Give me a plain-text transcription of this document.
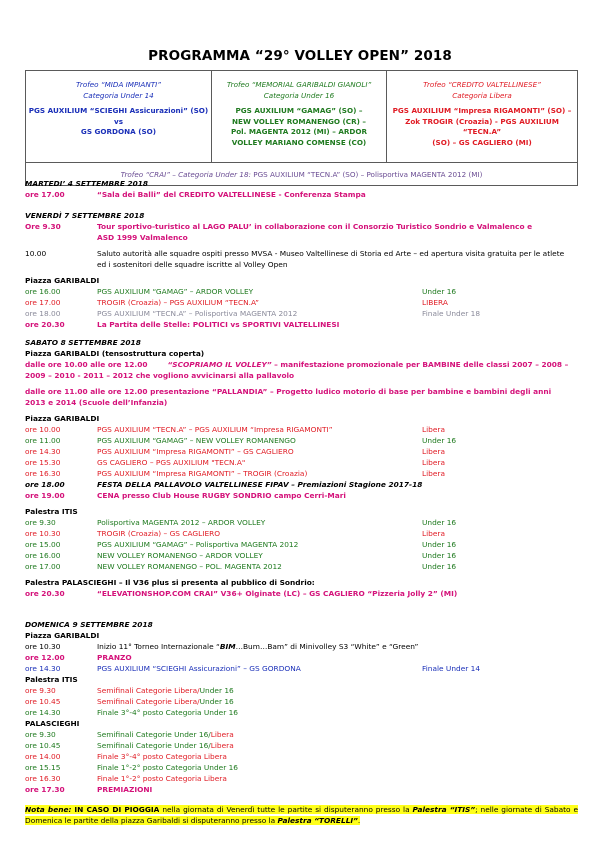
PROGRAMMA “29° VOLLEY OPEN” 2018
Trofeo “MIDA IMPIANTI”
Categoria Under 14
PGS AUXILIUM “SCIEGHI Assicurazioni” (SO)
vs
GS GORDONA (SO)

Trofeo “MEMORIAL GARIBALDI GIANOLI”
Categoria Under 16
PGS AUXILIUM “GAMAG” (SO) –
NEW VOLLEY ROMANENGO (CR) –
Pol. MAGENTA 2012 (MI) – ARDOR
VOLLEY MARIANO COMENSE (CO)

Trofeo “CREDITO VALTELLINESE”
Categoria Libera
PGS AUXILIUM “Impresa RIGAMONTI” (SO) –
Zok TROGIR (Croazia) - PGS AUXILIUM “TECN.A”
(SO) – GS CAGLIERO (MI)

Trofeo “CRAI” – Categoria Under 18: PGS AUXILIUM “TECN.A” (SO) – Polisportiva MAGENTA 2012 (MI)
MARTEDI’ 4 SETTEMBRE 2018
ore 17.00	“Sala dei Balli” del CREDITO VALTELLINESE - Conferenza Stampa
VENERDÌ 7 SETTEMBRE 2018
Ore 9.30	Tour sportivo-turistico al LAGO PALU’ in collaborazione con il Consorzio Turistico Sondrio e Valmalenco e ASD 1999 Valmalenco
10.00	Saluto autorità alle squadre ospiti presso MVSA - Museo Valtellinese di Storia ed Arte – ed apertura visita gratuita per le atlete ed i sostenitori delle squadre iscritte al Volley Open
Piazza GARIBALDI
ore 16.00	PGS AUXILIUM “GAMAG” – ARDOR VOLLEY	Under 16
ore 17.00	TROGIR (Croazia) – PGS AUXILIUM “TECN.A”	LIBERA
ore 18.00	PGS AUXILIUM “TECN.A” – Polisportiva MAGENTA 2012	Finale Under 18
ore 20.30	La Partita delle Stelle: POLITICI vs SPORTIVI VALTELLINESI
SABATO 8 SETTEMBRE 2018
Piazza GARIBALDI (tensostruttura coperta)
dalle ore 10.00 alle ore 12.00	“SCOPRIAMO IL VOLLEY” – manifestazione promozionale per BAMBINE delle classi 2007 – 2008 – 2009 – 2010 - 2011 – 2012 che vogliono avvicinarsi alla pallavolo
dalle ore 11.00 alle ore 12.00 presentazione “PALLANDIA” – Progetto ludico motorio di base per bambine e bambini degli anni 2013 e 2014 (Scuole dell’Infanzia)
Piazza GARIBALDI
ore 10.00	PGS AUXILIUM “TECN.A” – PGS AUXILIUM “Impresa RIGAMONTI”	Libera
ore 11.00	PGS AUXILIUM “GAMAG” – NEW VOLLEY ROMANENGO	Under 16
ore 14.30	PGS AUXILIUM “Impresa RIGAMONTI” – GS CAGLIERO	Libera
ore 15.30	GS CAGLIERO – PGS AUXILIUM "TECN.A"	Libera
ore 16.30	PGS AUXILIUM “Impresa RIGAMONTI” – TROGIR (Croazia)	Libera
ore 18.00	FESTA DELLA PALLAVOLO VALTELLINESE FIPAV – Premiazioni Stagione 2017-18
ore 19.00	CENA presso Club House RUGBY SONDRIO campo Cerri-Mari
Palestra ITIS
ore 9.30	Polisportiva MAGENTA 2012 – ARDOR VOLLEY	Under 16
ore 10.30	TROGIR (Croazia) – GS CAGLIERO	Libera
ore 15.00	PGS AUXILIUM “GAMAG” – Polisportiva MAGENTA 2012	Under 16
ore 16.00	NEW VOLLEY ROMANENGO – ARDOR VOLLEY	Under 16
ore 17.00	NEW VOLLEY ROMANENGO – POL. MAGENTA 2012	Under 16
Palestra PALASCIEGHI – Il V36 plus si presenta al pubblico di Sondrio:
ore 20.30	“ELEVATIONSHOP.COM CRAI” V36+ Olginate (LC) – GS CAGLIERO “Pizzeria Jolly 2” (MI)
DOMENICA 9 SETTEMBRE 2018
Piazza GARIBALDI
ore 10.30	Inizio 11° Torneo Internazionale “BIM…Bum…Bam” di Minivolley S3 “White” e “Green”
ore 12.00	PRANZO
ore 14.30	PGS AUXILIUM “SCIEGHI Assicurazioni” – GS GORDONA	Finale Under 14
Palestra ITIS
ore 9.30	Semifinali Categorie Libera/Under 16
ore 10.45	Semifinali Categorie Libera/Under 16
ore 14.30	Finale 3°-4° posto Categoria Under 16
PALASCIEGHI
ore 9.30	Semifinali Categorie Under 16/Libera
ore 10.45	Semifinali Categorie Under 16/Libera
ore 14.00	Finale 3°-4° posto Categoria Libera
ore 15.15	Finale 1°-2° posto Categoria Under 16
ore 16.30	Finale 1°-2° posto Categoria Libera
ore 17.30	PREMIAZIONI
Nota bene: IN CASO DI PIOGGIA nella giornata di Venerdì tutte le partite si disputeranno presso la Palestra “ITIS”; nelle giornate di Sabato e Domenica le partite della piazza Garibaldi si disputeranno presso la Palestra “TORELLI”.
